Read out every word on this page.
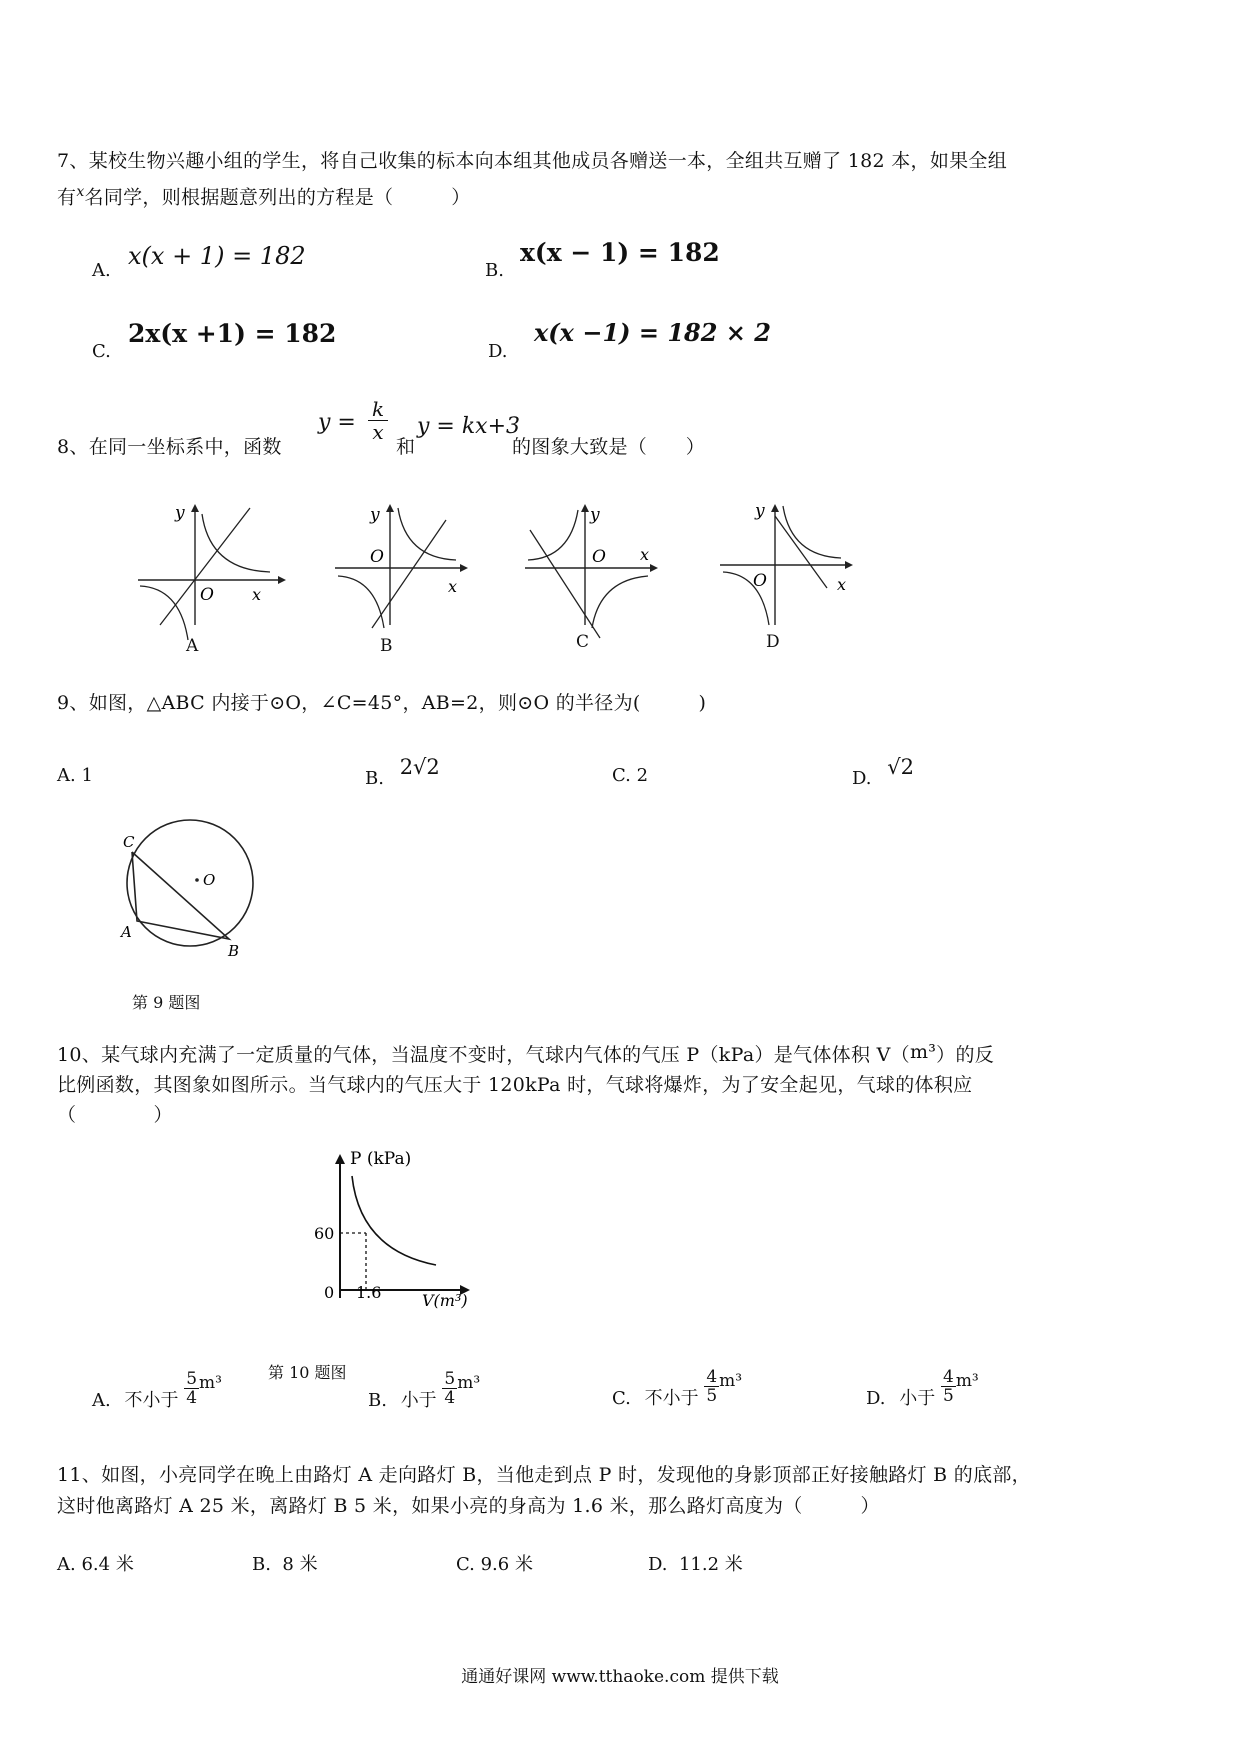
7、某校生物兴趣小组的学生，将自己收集的标本向本组其他成员各赠送一本，全组共互赠了 182 本，如果全组
有$^x$名同学，则根据题意列出的方程是（　　　）
A.
x(x + 1) = 182
B.
x(x − 1) = 182
C.
2x(x +1) = 182
D.
x(x −1) = 182 × 2
8、在同一坐标系中，函数
y =
k
x
和
y = kx+3
的图象大致是（　　）
y
O x
A
y
O
x
B
y
O x
C
y
O	x
D
9、如图，△ABC 内接于⊙O，∠C=45°，AB=2，则⊙O 的半径为(　　　)
A. 1	B. 2√2	C. 2	D. √2
C
O
A
B
第 9 题图
10、某气球内充满了一定质量的气体，当温度不变时，气球内气体的气压 P（kPa）是气体体积 V（m³）的反
比例函数，其图象如图所示。当气球内的气压大于 120kPa 时，气球将爆炸，为了安全起见，气球的体积应
（　　　　）
P (kPa)
60
0 1.6	V(m³)
第 10 题图
A. 不小于 $\frac{5}{4} m^3$
B. 小于 $\frac{5}{4} m^3$
C. 不小于 $\frac{4}{5} m^3$
D. 小于 $\frac{4}{5} m^3$
11、如图，小亮同学在晚上由路灯 A 走向路灯 B，当他走到点 P 时，发现他的身影顶部正好接触路灯 B 的底部，
这时他离路灯 A 25 米，离路灯 B 5 米，如果小亮的身高为 1.6 米，那么路灯高度为（　　　）
A. 6.4 米	B. 8 米	C. 9.6 米	D. 11.2 米
通通好课网 www.tthaoke.com 提供下载
